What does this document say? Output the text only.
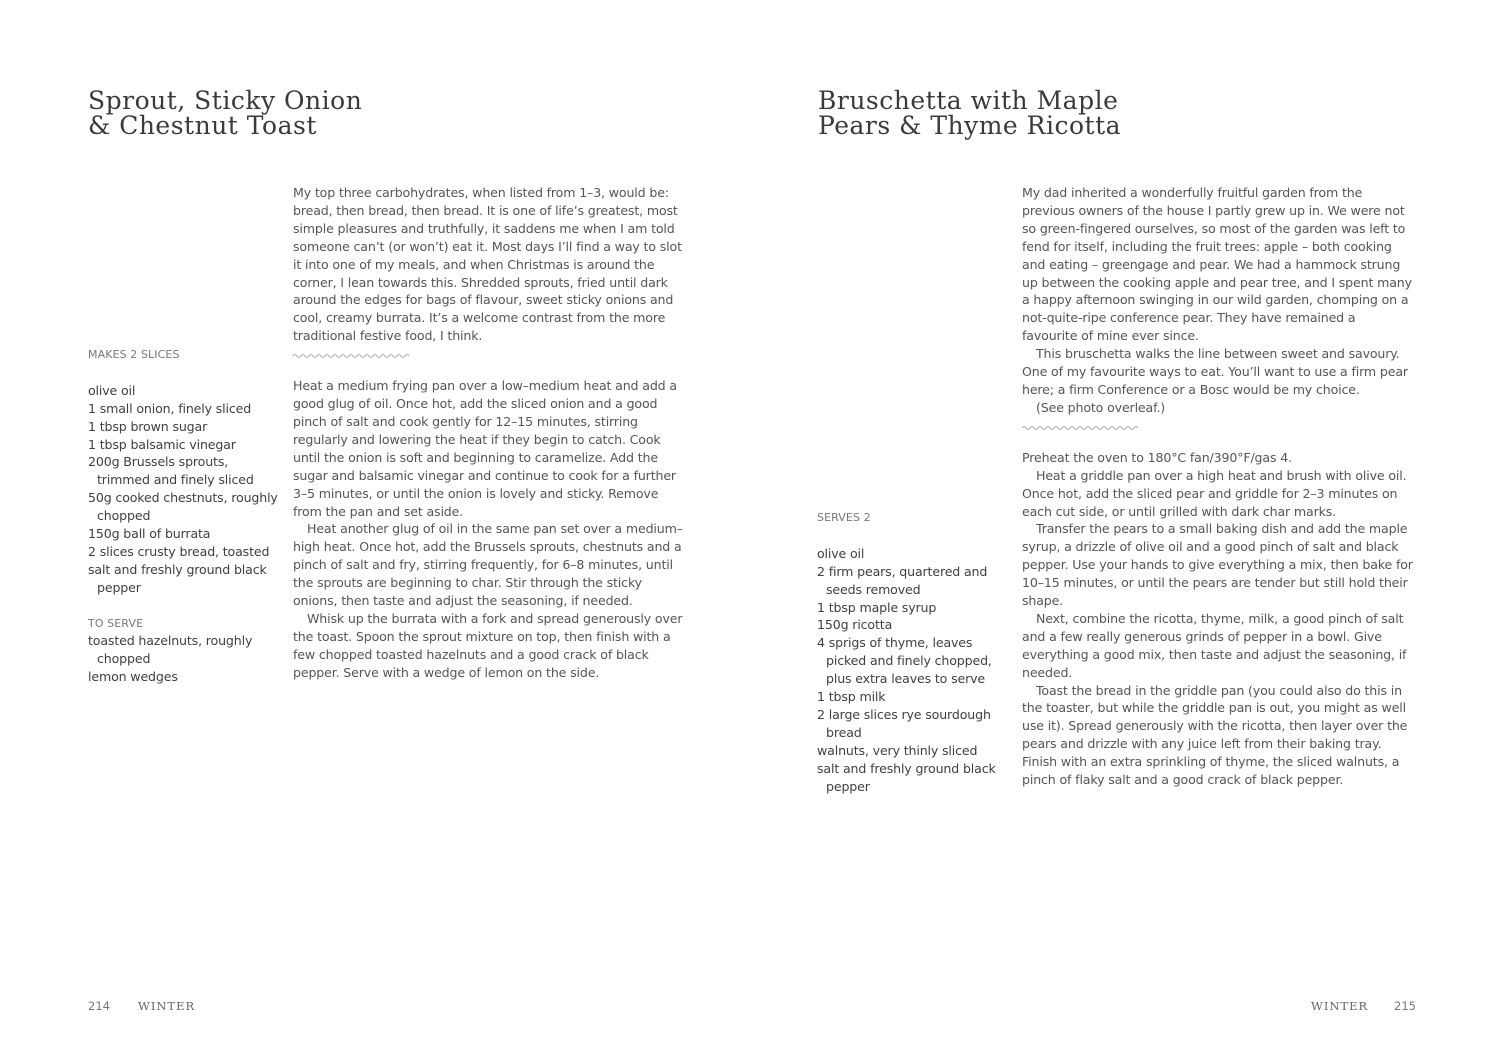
Sprout, Sticky Onion
& Chestnut Toast

My top three carbohydrates, when listed from 1–3, would be: bread, then bread, then bread. It is one of life’s greatest, most simple pleasures and truthfully, it saddens me when I am told someone can’t (or won’t) eat it. Most days I’ll find a way to slot it into one of my meals, and when Christmas is around the corner, I lean towards this. Shredded sprouts, fried until dark around the edges for bags of flavour, sweet sticky onions and cool, creamy burrata. It’s a welcome contrast from the more traditional festive food, I think.

Heat a medium frying pan over a low–medium heat and add a good glug of oil. Once hot, add the sliced onion and a good pinch of salt and cook gently for 12–15 minutes, stirring regularly and lowering the heat if they begin to catch. Cook until the onion is soft and beginning to caramelize. Add the sugar and balsamic vinegar and continue to cook for a further 3–5 minutes, or until the onion is lovely and sticky. Remove from the pan and set aside.

Heat another glug of oil in the same pan set over a medium–high heat. Once hot, add the Brussels sprouts, chestnuts and a pinch of salt and fry, stirring frequently, for 6–8 minutes, until the sprouts are beginning to char. Stir through the sticky onions, then taste and adjust the seasoning, if needed.

Whisk up the burrata with a fork and spread generously over the toast. Spoon the sprout mixture on top, then finish with a few chopped toasted hazelnuts and a good crack of black pepper. Serve with a wedge of lemon on the side.

MAKES 2 SLICES
olive oil
1 small onion, finely sliced
1 tbsp brown sugar
1 tbsp balsamic vinegar
200g Brussels sprouts, trimmed and finely sliced
50g cooked chestnuts, roughly chopped
150g ball of burrata
2 slices crusty bread, toasted
salt and freshly ground black pepper
TO SERVE
toasted hazelnuts, roughly chopped
lemon wedges
214 WINTER
Bruschetta with Maple
Pears & Thyme Ricotta

My dad inherited a wonderfully fruitful garden from the previous owners of the house I partly grew up in. We were not so green-fingered ourselves, so most of the garden was left to fend for itself, including the fruit trees: apple – both cooking and eating – greengage and pear. We had a hammock strung up between the cooking apple and pear tree, and I spent many a happy afternoon swinging in our wild garden, chomping on a not-quite-ripe conference pear. They have remained a favourite of mine ever since.

This bruschetta walks the line between sweet and savoury. One of my favourite ways to eat. You’ll want to use a firm pear here; a firm Conference or a Bosc would be my choice.

(See photo overleaf.)

Preheat the oven to 180°C fan/390°F/gas 4.

Heat a griddle pan over a high heat and brush with olive oil. Once hot, add the sliced pear and griddle for 2–3 minutes on each cut side, or until grilled with dark char marks.

Transfer the pears to a small baking dish and add the maple syrup, a drizzle of olive oil and a good pinch of salt and black pepper. Use your hands to give everything a mix, then bake for 10–15 minutes, or until the pears are tender but still hold their shape.

Next, combine the ricotta, thyme, milk, a good pinch of salt and a few really generous grinds of pepper in a bowl. Give everything a good mix, then taste and adjust the seasoning, if needed.

Toast the bread in the griddle pan (you could also do this in the toaster, but while the griddle pan is out, you might as well use it). Spread generously with the ricotta, then layer over the pears and drizzle with any juice left from their baking tray. Finish with an extra sprinkling of thyme, the sliced walnuts, a pinch of flaky salt and a good crack of black pepper.

SERVES 2
olive oil
2 firm pears, quartered and seeds removed
1 tbsp maple syrup
150g ricotta
4 sprigs of thyme, leaves picked and finely chopped, plus extra leaves to serve
1 tbsp milk
2 large slices rye sourdough bread
walnuts, very thinly sliced
salt and freshly ground black pepper
WINTER 215
